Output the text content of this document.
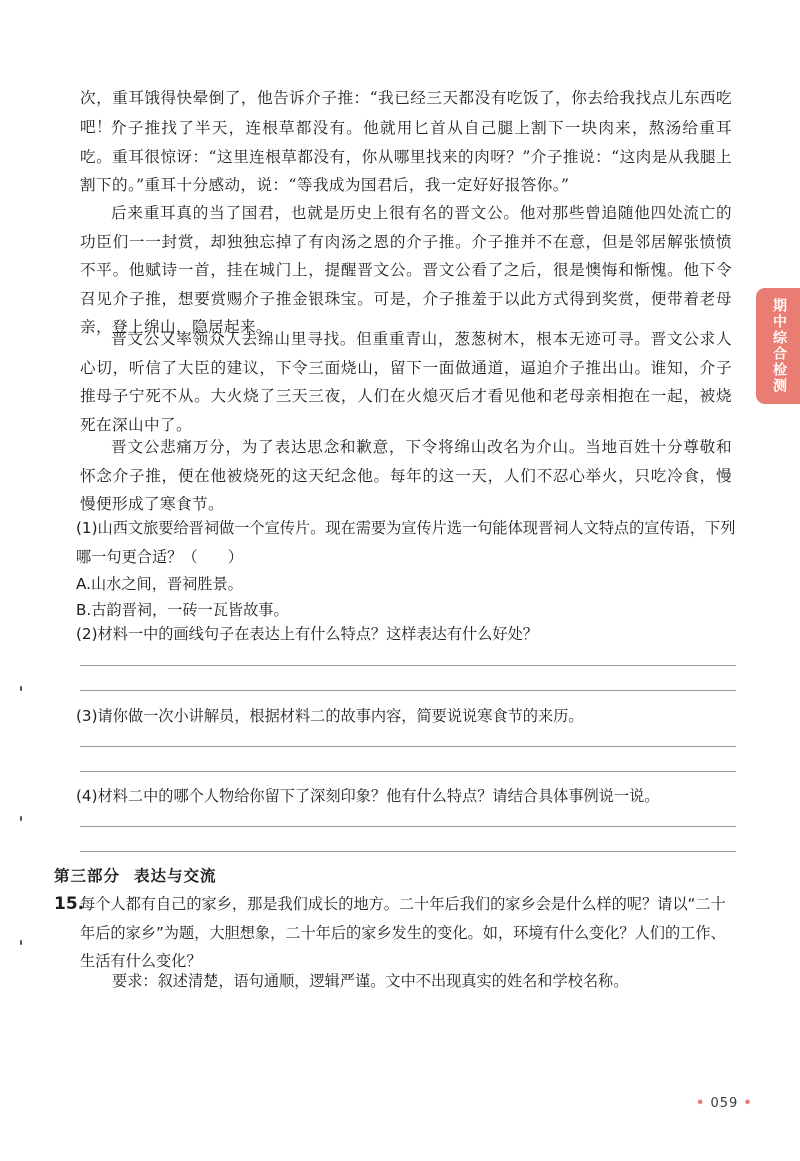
次，重耳饿得快晕倒了，他告诉介子推：“我已经三天都没有吃饭了，你去给我找点儿东西吃吧！”

介子推找了半天，连根草都没有。他就用匕首从自己腿上割下一块肉来，熬汤给重耳吃。重耳很惊讶：“这里连根草都没有，你从哪里找来的肉呀？”介子推说：“这肉是从我腿上割下的。”重耳十分感动，说：“等我成为国君后，我一定好好报答你。”

后来重耳真的当了国君，也就是历史上很有名的晋文公。他对那些曾追随他四处流亡的功臣们一一封赏，却独独忘掉了有肉汤之恩的介子推。介子推并不在意，但是邻居解张愤愤不平。他赋诗一首，挂在城门上，提醒晋文公。晋文公看了之后，很是懊悔和惭愧。他下令召见介子推，想要赏赐介子推金银珠宝。可是，介子推羞于以此方式得到奖赏，便带着老母亲，登上绵山，隐居起来。

晋文公又率领众人去绵山里寻找。但重重青山，葱葱树木，根本无迹可寻。晋文公求人心切，听信了大臣的建议，下令三面烧山，留下一面做通道，逼迫介子推出山。谁知，介子推母子宁死不从。大火烧了三天三夜，人们在火熄灭后才看见他和老母亲相抱在一起，被烧死在深山中了。

晋文公悲痛万分，为了表达思念和歉意，下令将绵山改名为介山。当地百姓十分尊敬和怀念介子推，便在他被烧死的这天纪念他。每年的这一天，人们不忍心举火，只吃冷食，慢慢便形成了寒食节。

(1)山西文旅要给晋祠做一个宣传片。现在需要为宣传片选一句能体现晋祠人文特点的宣传语，下列哪一句更合适？（　　）

A.山水之间，晋祠胜景。

B.古韵晋祠，一砖一瓦皆故事。

(2)材料一中的画线句子在表达上有什么特点？这样表达有什么好处？

(3)请你做一次小讲解员，根据材料二的故事内容，简要说说寒食节的来历。

(4)材料二中的哪个人物给你留下了深刻印象？他有什么特点？请结合具体事例说一说。

第三部分 表达与交流

15.

每个人都有自己的家乡，那是我们成长的地方。二十年后我们的家乡会是什么样的呢？请以“二十年后的家乡”为题，大胆想象，二十年后的家乡发生的变化。如，环境有什么变化？人们的工作、生活有什么变化？

要求：叙述清楚，语句通顺，逻辑严谨。文中不出现真实的姓名和学校名称。

期中综合检测
• 059 •
